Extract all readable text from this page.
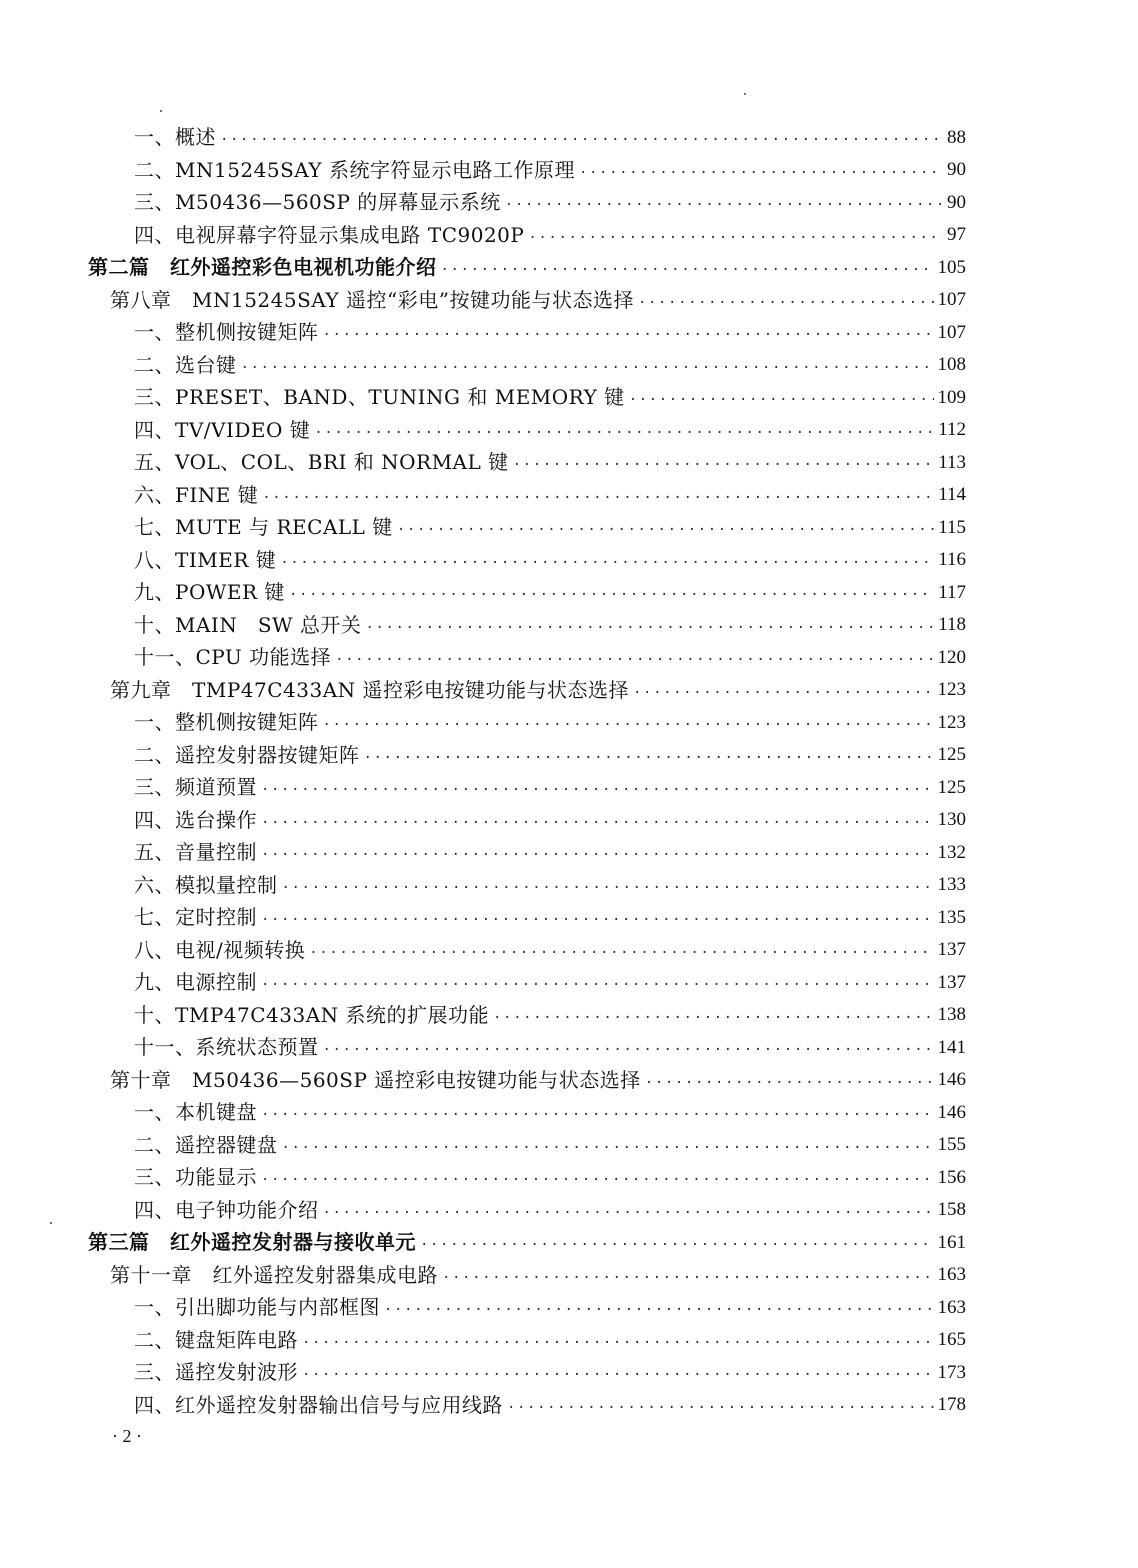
一、概述 ·····	88
二、MN15245SAY 系统字符显示电路工作原理 ·····	90
三、M50436—560SP 的屏幕显示系统 ·····	90
四、电视屏幕字符显示集成电路 TC9020P ·····	97
第二篇　红外遥控彩色电视机功能介绍 ·····	105
第八章　MN15245SAY 遥控“彩电”按键功能与状态选择 ·····	107
一、整机侧按键矩阵 ·····	107
二、选台键 ·····	108
三、PRESET、BAND、TUNING 和 MEMORY 键 ·····	109
四、TV/VIDEO 键 ·····	112
五、VOL、COL、BRI 和 NORMAL 键 ·····	113
六、FINE 键 ·····	114
七、MUTE 与 RECALL 键 ·····	115
八、TIMER 键 ·····	116
九、POWER 键 ·····	117
十、MAIN　SW 总开关 ·····	118
十一、CPU 功能选择 ·····	120
第九章　TMP47C433AN 遥控彩电按键功能与状态选择 ·····	123
一、整机侧按键矩阵 ·····	123
二、遥控发射器按键矩阵 ·····	125
三、频道预置 ·····	125
四、选台操作 ·····	130
五、音量控制 ·····	132
六、模拟量控制 ·····	133
七、定时控制 ·····	135
八、电视/视频转换 ·····	137
九、电源控制 ·····	137
十、TMP47C433AN 系统的扩展功能 ·····	138
十一、系统状态预置 ·····	141
第十章　M50436—560SP 遥控彩电按键功能与状态选择 ·····	146
一、本机键盘 ·····	146
二、遥控器键盘 ·····	155
三、功能显示 ·····	156
四、电子钟功能介绍 ·····	158
第三篇　红外遥控发射器与接收单元 ·····	161
第十一章　红外遥控发射器集成电路 ·····	163
一、引出脚功能与内部框图 ·····	163
二、键盘矩阵电路 ·····	165
三、遥控发射波形 ·····	173
四、红外遥控发射器输出信号与应用线路 ·····	178
· 2 ·
